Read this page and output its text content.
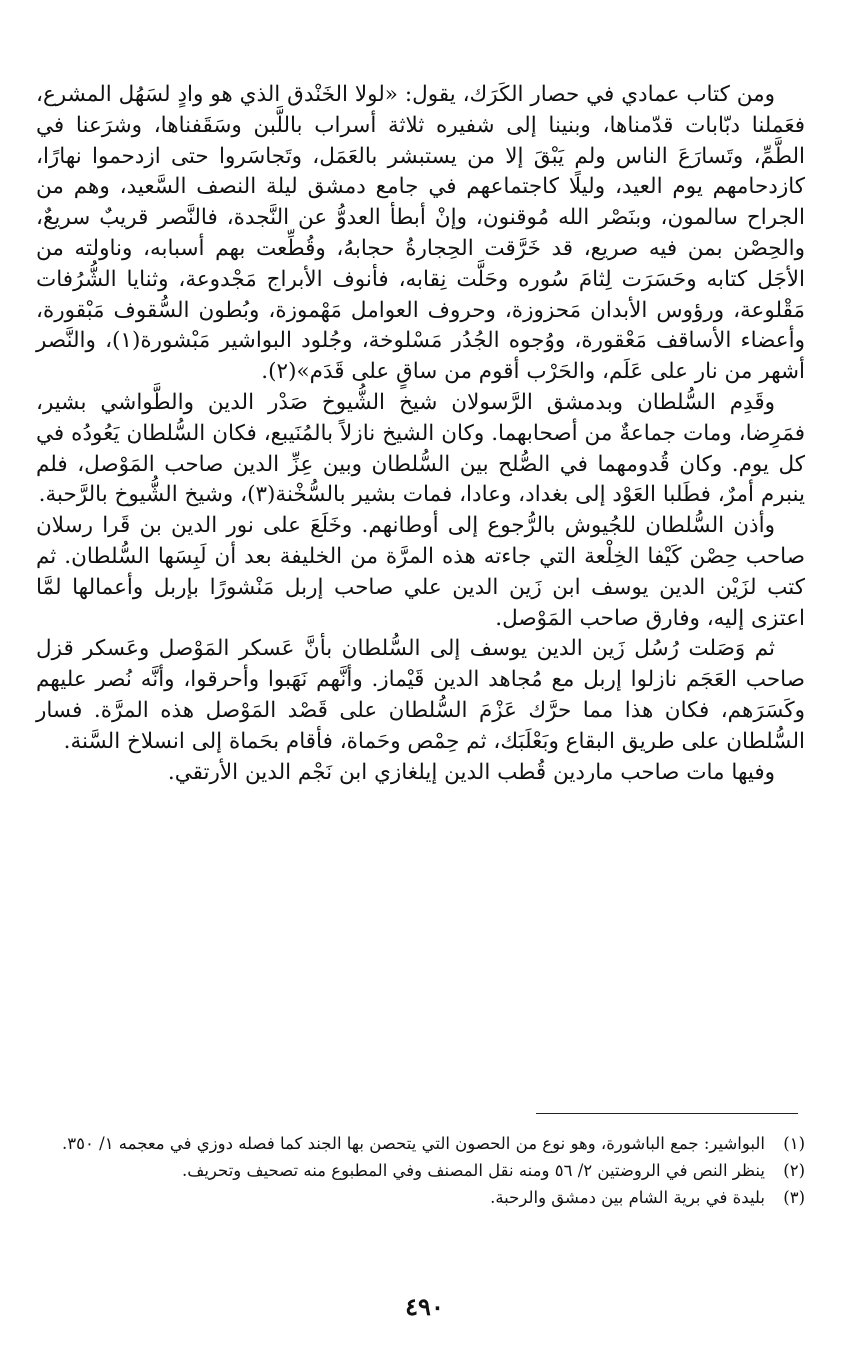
ومن كتاب عمادي في حصار الكَرَك، يقول: «لولا الخَنْدق الذي هو وادٍ لسَهُل المشرع، فعَملنا دبّابات قدّمناها، وبنينا إلى شفيره ثلاثة أسراب باللَّبن وسَقَفناها، وشرَعنا في الطَّمِّ، وتَسارَعَ الناس ولم يَبْقَ إلا من يستبشر بالعَمَل، وتَجاسَروا حتى ازدحموا نهارًا، كازدحامهم يوم العيد، وليلًا كاجتماعهم في جامع دمشق ليلة النصف السَّعيد، وهم من الجراح سالمون، وبنَصْر الله مُوقنون، وإنْ أبطأ العدوُّ عن النَّجدة، فالنَّصر قريبٌ سريعٌ، والحِصْن بمن فيه صريع، قد خَرَّقت الحِجارةُ حجابهُ، وقُطِّعت بهم أسبابه، وناولته من الأجَل كتابه وحَسَرَت لِثامَ سُوره وحَلَّت نِقابه، فأنوف الأبراج مَجْدوعة، وثنايا الشُّرُفات مَقْلوعة، ورؤوس الأبدان مَحزوزة، وحروف العوامل مَهْموزة، وبُطون السُّقوف مَبْقورة، وأعضاء الأساقف مَعْقورة، ووُجوه الجُدُر مَسْلوخة، وجُلود البواشير مَبْشورة(١)، والنَّصر أشهر من نار على عَلَم، والحَرْب أقوم من ساقٍ على قَدَم»(٢).

وقَدِم السُّلطان وبدمشق الرَّسولان شيخ الشُّيوخ صَدْر الدين والطَّواشي بشير، فمَرِضا، ومات جماعةٌ من أصحابهما. وكان الشيخ نازلاً بالمُنَيبع، فكان السُّلطان يَعُودُه في كل يوم. وكان قُدومهما في الصُّلح بين السُّلطان وبين عِزِّ الدين صاحب المَوْصل، فلم ينبرم أمرٌ، فطَلبا العَوْد إلى بغداد، وعادا، فمات بشير بالسُّخْنة(٣)، وشيخ الشُّيوخ بالرَّحبة.

وأذن السُّلطان للجُيوش بالرُّجوع إلى أوطانهم. وخَلَعَ على نور الدين بن قَرا رسلان صاحب حِصْن كَيْفا الخِلْعة التي جاءته هذه المرَّة من الخليفة بعد أن لَبِسَها السُّلطان. ثم كتب لزَيْن الدين يوسف ابن زَين الدين علي صاحب إربل مَنْشورًا بإربل وأعمالها لمَّا اعتزى إليه، وفارق صاحب المَوْصل.

ثم وَصَلت رُسُل زَين الدين يوسف إلى السُّلطان بأنَّ عَسكر المَوْصل وعَسكر قزل صاحب العَجَم نازلوا إربل مع مُجاهد الدين قَيْماز. وأنَّهم نَهَبوا وأحرقوا، وأنَّه نُصر عليهم وكَسَرَهم، فكان هذا مما حرَّك عَزْمَ السُّلطان على قَصْد المَوْصل هذه المرَّة. فسار السُّلطان على طريق البقاع وبَعْلَبَك، ثم حِمْص وحَماة، فأقام بحَماة إلى انسلاخ السَّنة.

وفيها مات صاحب ماردين قُطب الدين إيلغازي ابن نَجْم الدين الأرتقي.

(١)
البواشير: جمع الباشورة، وهو نوع من الحصون التي يتحصن بها الجند كما فصله دوزي في معجمه ١/ ٣٥٠.
(٢)
ينظر النص في الروضتين ٢/ ٥٦ ومنه نقل المصنف وفي المطبوع منه تصحيف وتحريف.
(٣)
بليدة في برية الشام بين دمشق والرحبة.
٤٩٠
